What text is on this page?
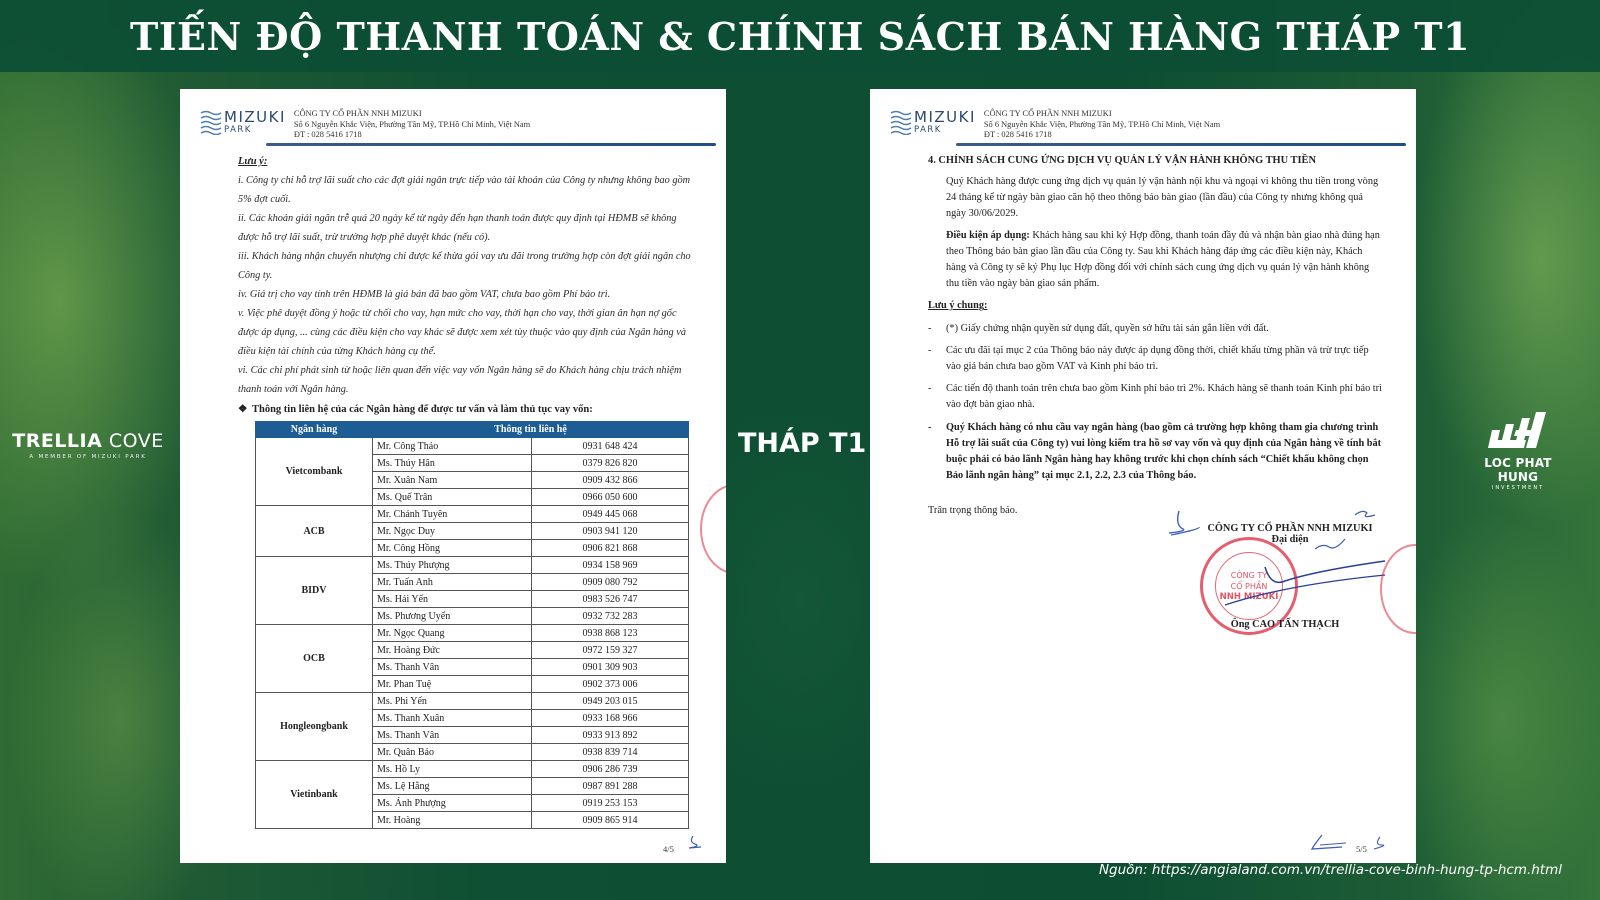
TIẾN ĐỘ THANH TOÁN & CHÍNH SÁCH BÁN HÀNG THÁP T1
TRELLIA COVE
A MEMBER OF MIZUKI PARK	THÁP T1
LOC PHAT HUNG
INVESTMENT
MIZUKI
PARK
CÔNG TY CỔ PHẦN NNH MIZUKI
Số 6 Nguyễn Khắc Viện, Phường Tân Mỹ, TP.Hồ Chí Minh, Việt Nam
ĐT : 028 5416 1718
Lưu ý:
i. Công ty chỉ hỗ trợ lãi suất cho các đợt giải ngân trực tiếp vào tài khoản của Công ty nhưng không bao gồm 5% đợt cuối.
ii. Các khoản giải ngân trễ quá 20 ngày kể từ ngày đến hạn thanh toán được quy định tại HĐMB sẽ không được hỗ trợ lãi suất, trừ trường hợp phê duyệt khác (nếu có).
iii. Khách hàng nhận chuyển nhượng chỉ được kế thừa gói vay ưu đãi trong trường hợp còn đợt giải ngân cho Công ty.
iv. Giá trị cho vay tính trên HĐMB là giá bán đã bao gồm VAT, chưa bao gồm Phí bảo trì.
v. Việc phê duyệt đồng ý hoặc từ chối cho vay, hạn mức cho vay, thời hạn cho vay, thời gian ân hạn nợ gốc được áp dụng, ... cùng các điều kiện cho vay khác sẽ được xem xét tùy thuộc vào quy định của Ngân hàng và điều kiện tài chính của từng Khách hàng cụ thể.
vi. Các chi phí phát sinh từ hoặc liên quan đến việc vay vốn Ngân hàng sẽ do Khách hàng chịu trách nhiệm thanh toán với Ngân hàng.
❖ Thông tin liên hệ của các Ngân hàng để được tư vấn và làm thủ tục vay vốn:
Ngân hàng	Thông tin liên hệ	
Vietcombank	Mr. Công Thảo	0931 648 424
	Ms. Thúy Hân	0379 826 820
	Mr. Xuân Nam	0909 432 866
	Ms. Quế Trân	0966 050 600
ACB	Mr. Chánh Tuyên	0949 445 068
	Mr. Ngọc Duy	0903 941 120
	Mr. Công Hồng	0906 821 868
BIDV	Ms. Thúy Phượng	0934 158 969
	Mr. Tuấn Anh	0909 080 792
	Ms. Hải Yến	0983 526 747
	Ms. Phương Uyển	0932 732 283
OCB	Mr. Ngọc Quang	0938 868 123
	Mr. Hoàng Đức	0972 159 327
	Ms. Thanh Vân	0901 309 903
	Mr. Phan Tuệ	0902 373 006
Hongleongbank	Ms. Phi Yến	0949 203 015
	Ms. Thanh Xuân	0933 168 966
	Ms. Thanh Vân	0933 913 892
	Mr. Quân Bảo	0938 839 714
Vietinbank	Ms. Hồ Ly	0906 286 739
	Ms. Lệ Hằng	0987 891 288
	Ms. Ánh Phượng	0919 253 153
	Mr. Hoàng	0909 865 914
4/5
MIZUKI
PARK
CÔNG TY CỔ PHẦN NNH MIZUKI
Số 6 Nguyễn Khắc Viện, Phường Tân Mỹ, TP.Hồ Chí Minh, Việt Nam
ĐT : 028 5416 1718
4. CHÍNH SÁCH CUNG ỨNG DỊCH VỤ QUẢN LÝ VẬN HÀNH KHÔNG THU TIỀN
Quý Khách hàng được cung ứng dịch vụ quản lý vận hành nội khu và ngoại vi không thu tiền trong vòng 24 tháng kể từ ngày bàn giao căn hộ theo thông báo bàn giao (lần đầu) của Công ty nhưng không quá ngày 30/06/2029.
Điều kiện áp dụng: Khách hàng sau khi ký Hợp đồng, thanh toán đầy đủ và nhận bàn giao nhà đúng hạn theo Thông báo bàn giao lần đầu của Công ty. Sau khi Khách hàng đáp ứng các điều kiện này, Khách hàng và Công ty sẽ ký Phụ lục Hợp đồng đối với chính sách cung ứng dịch vụ quản lý vận hành không thu tiền vào ngày bàn giao sản phẩm.
Lưu ý chung:
-	(*) Giấy chứng nhận quyền sử dụng đất, quyền sở hữu tài sản gắn liền với đất.
-	Các ưu đãi tại mục 2 của Thông báo này được áp dụng đồng thời, chiết khấu từng phần và trừ trực tiếp vào giá bán chưa bao gồm VAT và Kinh phí bảo trì.
-	Các tiến độ thanh toán trên chưa bao gồm Kinh phí bảo trì 2%. Khách hàng sẽ thanh toán Kinh phí bảo trì vào đợt bàn giao nhà.
-	Quý Khách hàng có nhu cầu vay ngân hàng (bao gồm cả trường hợp không tham gia chương trình Hỗ trợ lãi suất của Công ty) vui lòng kiểm tra hồ sơ vay vốn và quy định của Ngân hàng về tính bắt buộc phải có bảo lãnh Ngân hàng hay không trước khi chọn chính sách “Chiết khấu không chọn Bảo lãnh ngân hàng” tại mục 2.1, 2.2, 2.3 của Thông báo.
Trân trọng thông báo.
CÔNG TY
CỔ PHẦN
NNH MIZUKI
CÔNG TY CỔ PHẦN NNH MIZUKI
Đại diện
Ông CAO TẤN THẠCH
5/5
Nguồn: https://angialand.com.vn/trellia-cove-binh-hung-tp-hcm.html
